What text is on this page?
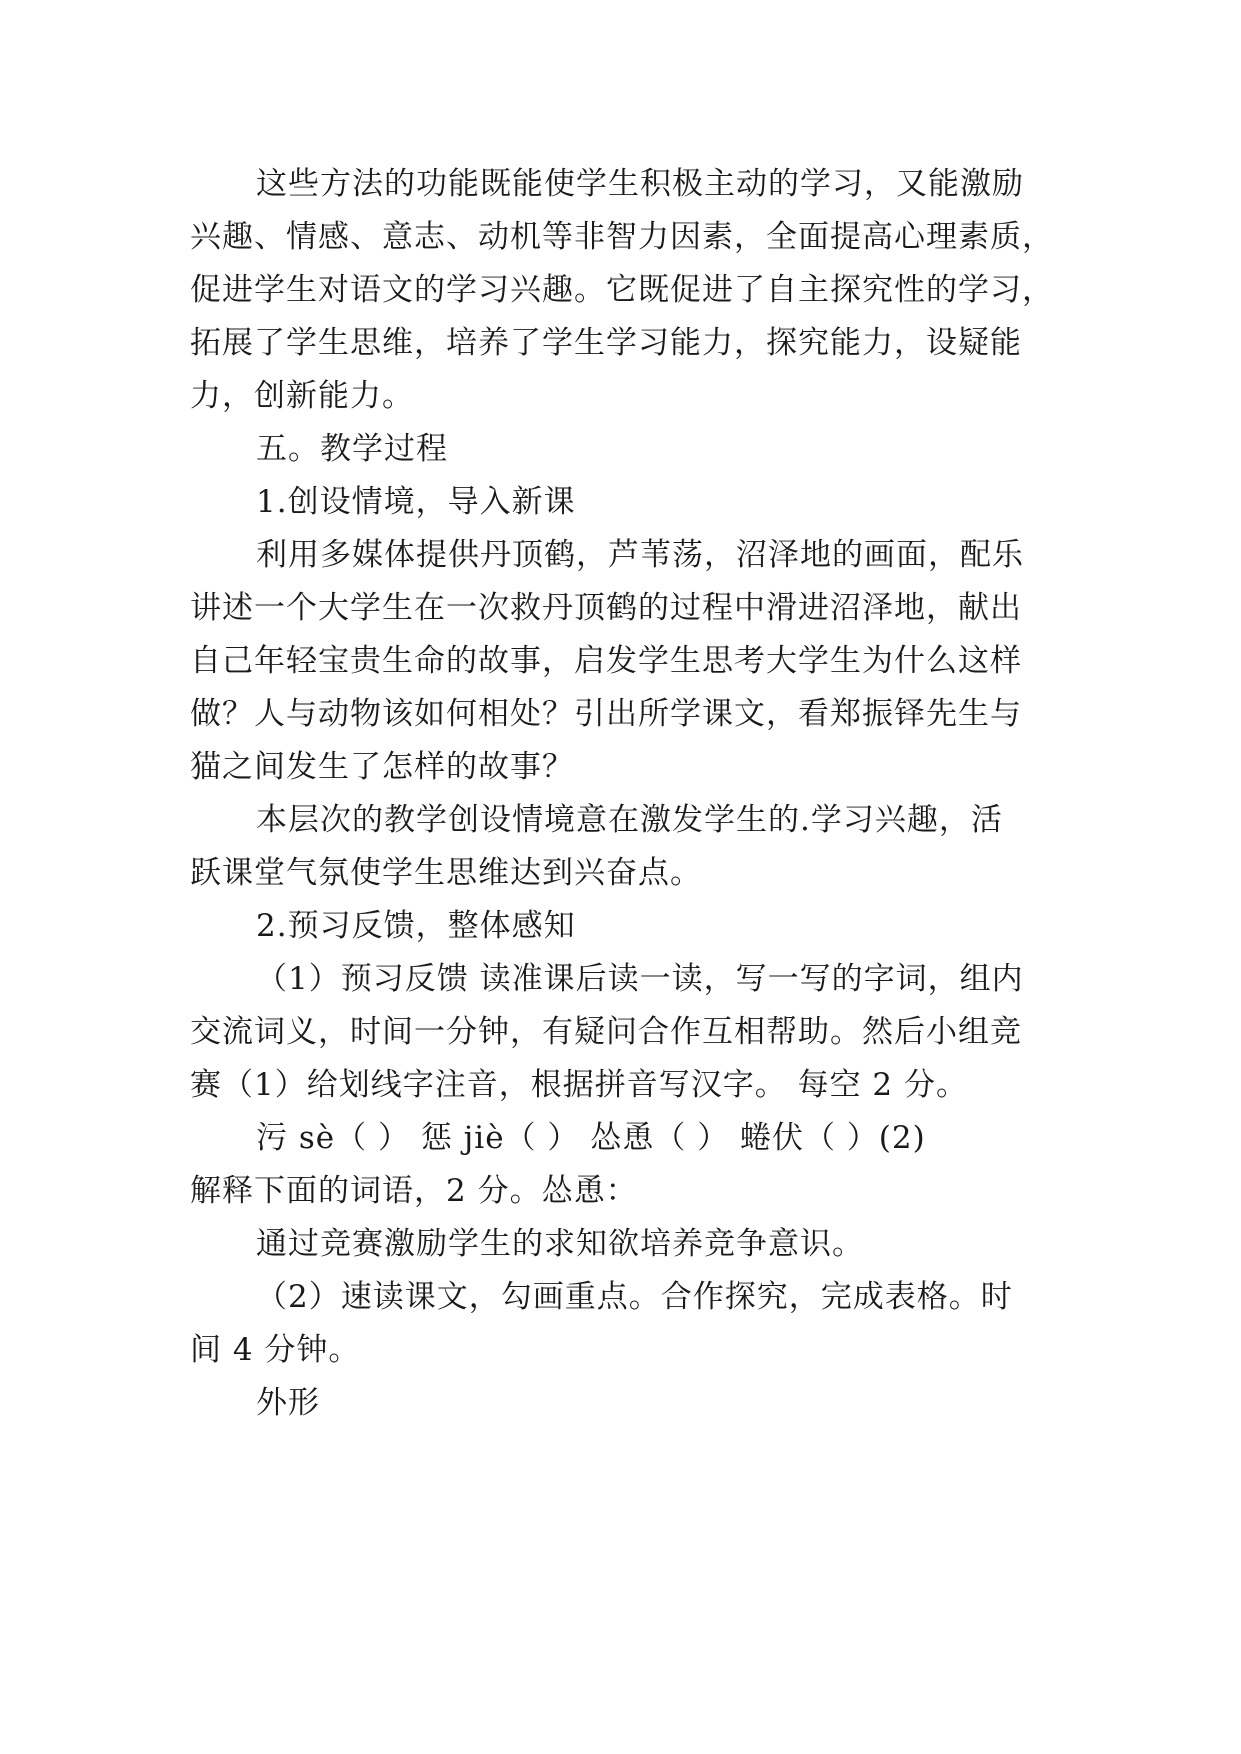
这些方法的功能既能使学生积极主动的学习，又能激励
兴趣、情感、意志、动机等非智力因素，全面提高心理素质，
促进学生对语文的学习兴趣。它既促进了自主探究性的学习，
拓展了学生思维，培养了学生学习能力，探究能力，设疑能
力，创新能力。
五。教学过程
1.创设情境，导入新课
利用多媒体提供丹顶鹤，芦苇荡，沼泽地的画面，配乐
讲述一个大学生在一次救丹顶鹤的过程中滑进沼泽地，献出
自己年轻宝贵生命的故事，启发学生思考大学生为什么这样
做？人与动物该如何相处？引出所学课文，看郑振铎先生与
猫之间发生了怎样的故事？
本层次的教学创设情境意在激发学生的.学习兴趣，活
跃课堂气氛使学生思维达到兴奋点。
2.预习反馈，整体感知
（1）预习反馈 读准课后读一读，写一写的字词，组内
交流词义，时间一分钟，有疑问合作互相帮助。然后小组竞
赛（1）给划线字注音，根据拼音写汉字。 每空 2 分。
污 sè（ ） 惩 jiè（ ） 怂恿（ ） 蜷伏（ ）(2)
解释下面的词语，2 分。怂恿：
通过竞赛激励学生的求知欲培养竞争意识。
（2）速读课文，勾画重点。合作探究，完成表格。时
间 4 分钟。
外形
